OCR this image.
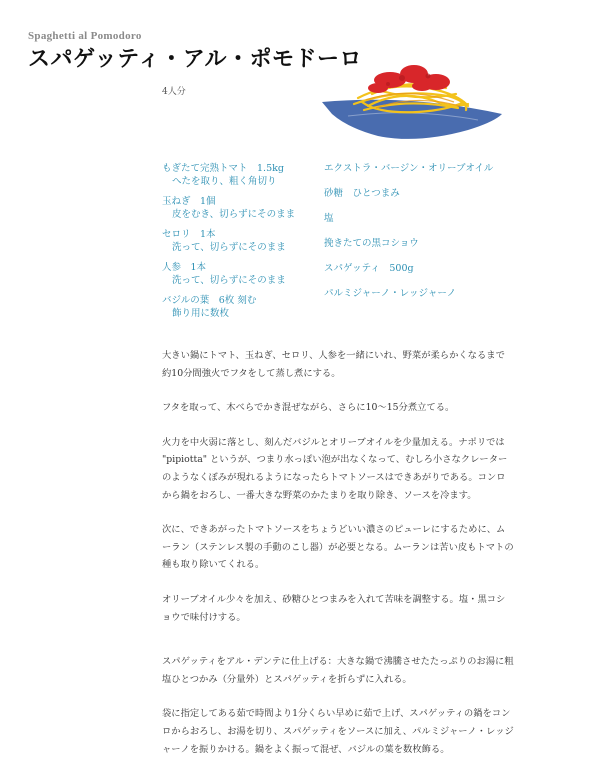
Spaghetti al Pomodoro
スパゲッティ・アル・ポモドーロ
4人分
もぎたて完熟トマト　1.5kg
へたを取り、粗く角切り
玉ねぎ　1個
皮をむき、切らずにそのまま
セロリ　1本
洗って、切らずにそのまま
人参　1本
洗って、切らずにそのまま
バジルの葉　6枚 刻む
飾り用に数枚
エクストラ・バージン・オリーブオイル
砂糖　ひとつまみ
塩
挽きたての黒コショウ
スパゲッティ　500g
パルミジャーノ・レッジャーノ

大きい鍋にトマト、玉ねぎ、セロリ、人参を一緒にいれ、野菜が柔らかくなるまで約10分間強火でフタをして蒸し煮にする。

フタを取って、木べらでかき混ぜながら、さらに10〜15分煮立てる。

火力を中火弱に落とし、刻んだバジルとオリーブオイルを少量加える。ナポリでは "pipiotta" というが、つまり水っぽい泡が出なくなって、むしろ小さなクレーターのようなくぼみが現れるようになったらトマトソースはできあがりである。コンロから鍋をおろし、一番大きな野菜のかたまりを取り除き、ソースを冷ます。

次に、できあがったトマトソースをちょうどいい濃さのピューレにするために、ムーラン（ステンレス製の手動のこし器）が必要となる。ムーランは苦い皮もトマトの種も取り除いてくれる。

オリーブオイル少々を加え、砂糖ひとつまみを入れて苦味を調整する。塩・黒コショウで味付けする。

スパゲッティをアル・デンテに仕上げる：大きな鍋で沸騰させたたっぷりのお湯に粗塩ひとつかみ（分量外）とスパゲッティを折らずに入れる。

袋に指定してある茹で時間より1分くらい早めに茹で上げ、スパゲッティの鍋をコンロからおろし、お湯を切り、スパゲッティをソースに加え、パルミジャーノ・レッジャーノを振りかける。鍋をよく振って混ぜ、バジルの葉を数枚飾る。
